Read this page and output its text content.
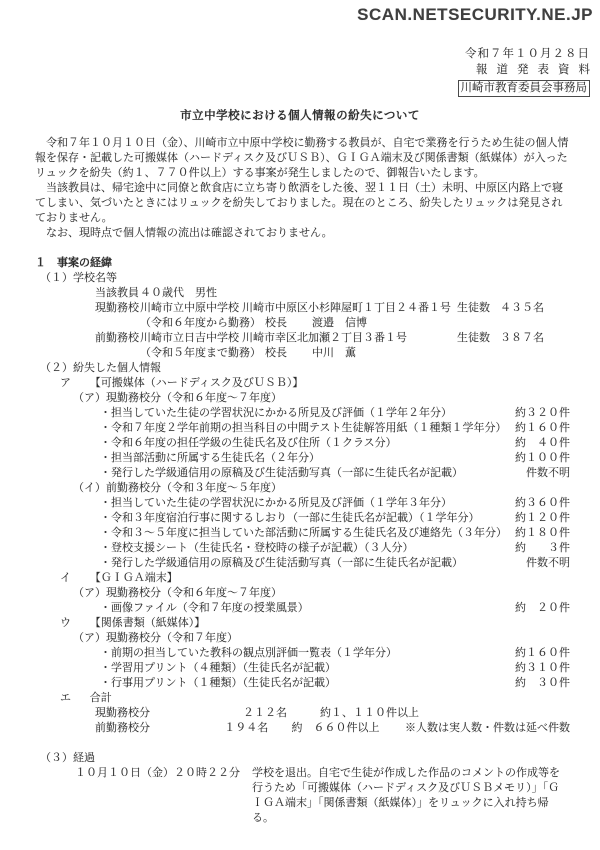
SCAN.NETSECURITY.NE.JP
令和７年１０月２８日
報道発表資料
川崎市教育委員会事務局
市立中学校における個人情報の紛失について

　令和７年１０月１０日（金）、川崎市立中原中学校に勤務する教員が、自宅で業務を行うため生徒の個人情報を保存・記載した可搬媒体（ハードディスク及びＵＳＢ）、ＧＩＧＡ端末及び関係書類（紙媒体）が入ったリュックを紛失（約１、７７０件以上）する事案が発生しましたので、御報告いたします。

　当該教員は、帰宅途中に同僚と飲食店に立ち寄り飲酒をした後、翌１１日（土）未明、中原区内路上で寝てしまい、気づいたときにはリュックを紛失しておりました。現在のところ、紛失したリュックは発見されておりません。

　なお、現時点で個人情報の流出は確認されておりません。

１　事案の経緯
（１）学校名等
当該教員 ４０歳代　男性
現勤務校 川崎市立中原中学校 川崎市中原区小杉陣屋町１丁目２４番１号 生徒数 ４３５名
（令和６年度から勤務） 校長 渡邉　信博
前勤務校 川崎市立日吉中学校 川崎市幸区北加瀬２丁目３番１号	生徒数 ３８７名
（令和５年度まで勤務） 校長 中川　薫
（２）紛失した個人情報
ア 【可搬媒体（ハードディスク及びＵＳＢ）】
（ア）現勤務校分（令和６年度～７年度）
・担当していた生徒の学習状況にかかる所見及び評価（１学年２年分）	約３２０件
・令和７年度２学年前期の担当科目の中間テスト生徒解答用紙（１種類１学年分） 約１６０件
・令和６年度の担任学級の生徒氏名及び住所（１クラス分）	約　４０件
・担当部活動に所属する生徒氏名（２年分）	約１００件
・発行した学級通信用の原稿及び生徒活動写真（一部に生徒氏名が記載）	件数不明
（イ）前勤務校分（令和３年度～５年度）
・担当していた生徒の学習状況にかかる所見及び評価（１学年３年分）	約３６０件
・令和３年度宿泊行事に関するしおり（一部に生徒氏名が記載）（１学年分）	約１２０件
・令和３～５年度に担当していた部活動に所属する生徒氏名及び連絡先（３年分） 約１８０件
・登校支援シート（生徒氏名・登校時の様子が記載）（３人分）	約　　３件
・発行した学級通信用の原稿及び生徒活動写真（一部に生徒氏名が記載）	件数不明
イ 【ＧＩＧＡ端末】
（ア）現勤務校分（令和６年度～７年度）
・画像ファイル（令和７年度の授業風景）	約　２０件
ウ 【関係書類（紙媒体）】
（ア）現勤務校分（令和７年度）
・前期の担当していた教科の観点別評価一覧表（１学年分）	約１６０件
・学習用プリント（４種類）（生徒氏名が記載）	約３１０件
・行事用プリント（１種類）（生徒氏名が記載）	約　３０件
エ 合計
現勤務校分	２１２名	約１、１１０件以上
前勤務校分	１９４名	約　６６０件以上	※人数は実人数・件数は延べ件数
（３）経過
１０月１０日（金）２０時２２分 学校を退出。自宅で生徒が作成した作品のコメントの作成等を行うため「可搬媒体（ハードディスク及びＵＳＢメモリ）」「ＧＩＧＡ端末」「関係書類（紙媒体）」をリュックに入れ持ち帰る。
